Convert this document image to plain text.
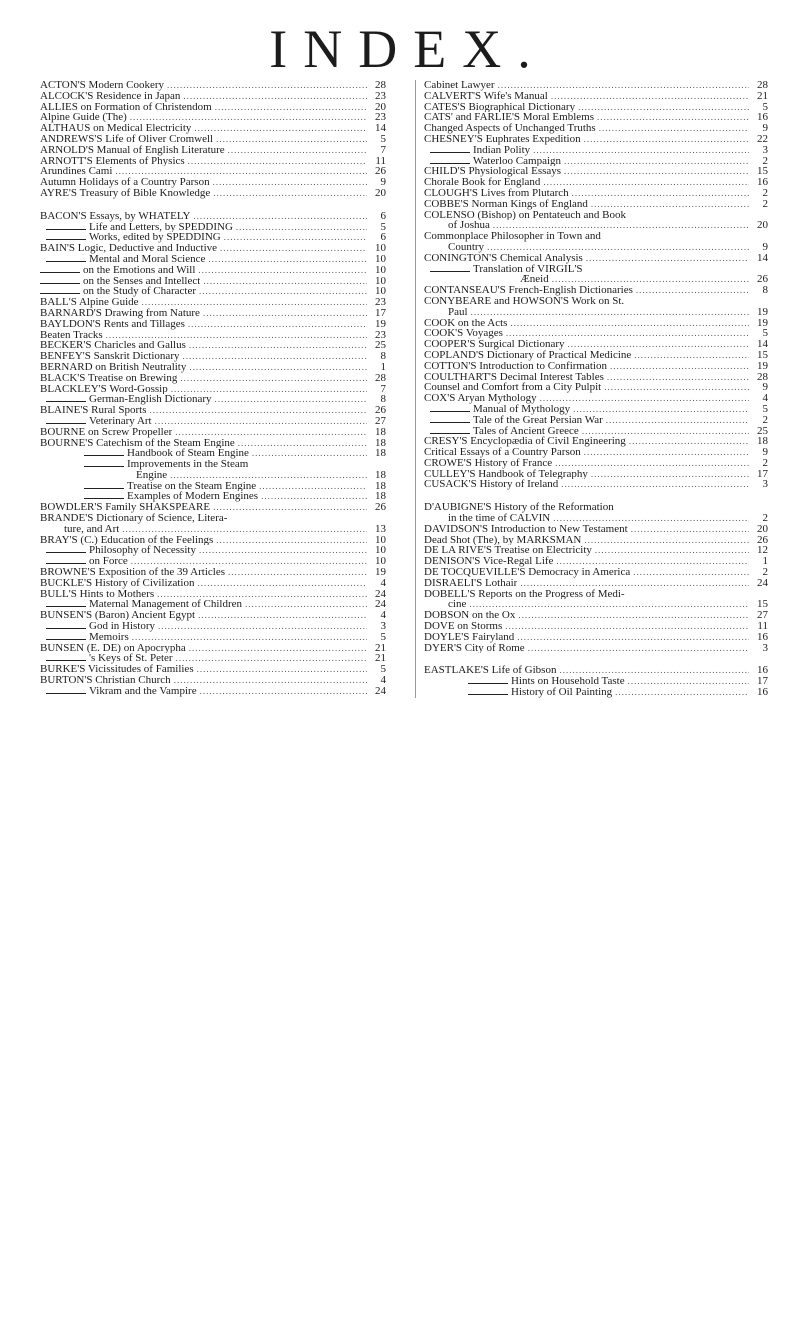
INDEX.
ACTON'S Modern Cookery .....	28
ALCOCK'S Residence in Japan .....	23
ALLIES on Formation of Christendom .....	20
Alpine Guide (The) .....	23
ALTHAUS on Medical Electricity .....	14
ANDREWS'S Life of Oliver Cromwell .....	5
ARNOLD'S Manual of English Literature .....	7
ARNOTT'S Elements of Physics .....	11
Arundines Cami .....	26
Autumn Holidays of a Country Parson .....	9
AYRE'S Treasury of Bible Knowledge .....	20
BACON'S Essays, by WHATELY .....	6
Life and Letters, by SPEDDING .....	5
Works, edited by SPEDDING .....	6
BAIN'S Logic, Deductive and Inductive .....	10
Mental and Moral Science .....	10
on the Emotions and Will .....	10
on the Senses and Intellect .....	10
on the Study of Character .....	10
BALL'S Alpine Guide .....	23
BARNARD'S Drawing from Nature .....	17
BAYLDON'S Rents and Tillages .....	19
Beaten Tracks .....	23
BECKER'S Charicles and Gallus .....	25
BENFEY'S Sanskrit Dictionary .....	8
BERNARD on British Neutrality .....	1
BLACK'S Treatise on Brewing .....	28
BLACKLEY'S Word-Gossip .....	7
German-English Dictionary .....	8
BLAINE'S Rural Sports .....	26
Veterinary Art .....	27
BOURNE on Screw Propeller .....	18
BOURNE'S Catechism of the Steam Engine .....	18
Handbook of Steam Engine .....	18
Improvements in the Steam
Engine .....	18
Treatise on the Steam Engine .....	18
Examples of Modern Engines .....	18
BOWDLER'S Family SHAKSPEARE .....	26
BRANDE'S Dictionary of Science, Litera-
ture, and Art .....	13
BRAY'S (C.) Education of the Feelings .....	10
Philosophy of Necessity .....	10
on Force .....	10
BROWNE'S Exposition of the 39 Articles .....	19
BUCKLE'S History of Civilization .....	4
BULL'S Hints to Mothers .....	24
Maternal Management of Children .....	24
BUNSEN'S (Baron) Ancient Egypt .....	4
God in History .....	3
Memoirs .....	5
BUNSEN (E. DE) on Apocrypha .....	21
's Keys of St. Peter .....	21
BURKE'S Vicissitudes of Families .....	5
BURTON'S Christian Church .....	4
Vikram and the Vampire .....	24
Cabinet Lawyer .....	28
CALVERT'S Wife's Manual .....	21
CATES'S Biographical Dictionary .....	5
CATS' and FARLIE'S Moral Emblems .....	16
Changed Aspects of Unchanged Truths .....	9
CHESNEY'S Euphrates Expedition .....	22
Indian Polity .....	3
Waterloo Campaign .....	2
CHILD'S Physiological Essays .....	15
Chorale Book for England .....	16
CLOUGH'S Lives from Plutarch .....	2
COBBE'S Norman Kings of England .....	2
COLENSO (Bishop) on Pentateuch and Book
of Joshua .....	20
Commonplace Philosopher in Town and
Country .....	9
CONINGTON'S Chemical Analysis .....	14
Translation of VIRGIL'S
Æneid .....	26
CONTANSEAU'S French-English Dictionaries .....	8
CONYBEARE and HOWSON'S Work on St.
Paul .....	19
COOK on the Acts .....	19
COOK'S Voyages .....	5
COOPER'S Surgical Dictionary .....	14
COPLAND'S Dictionary of Practical Medicine .....	15
COTTON'S Introduction to Confirmation .....	19
COULTHART'S Decimal Interest Tables .....	28
Counsel and Comfort from a City Pulpit .....	9
COX'S Aryan Mythology .....	4
Manual of Mythology .....	5
Tale of the Great Persian War .....	2
Tales of Ancient Greece .....	25
CRESY'S Encyclopædia of Civil Engineering .....	18
Critical Essays of a Country Parson .....	9
CROWE'S History of France .....	2
CULLEY'S Handbook of Telegraphy .....	17
CUSACK'S History of Ireland .....	3
D'AUBIGNE'S History of the Reformation
in the time of CALVIN .....	2
DAVIDSON'S Introduction to New Testament .....	20
Dead Shot (The), by MARKSMAN .....	26
DE LA RIVE'S Treatise on Electricity .....	12
DENISON'S Vice-Regal Life .....	1
DE TOCQUEVILLE'S Democracy in America .....	2
DISRAELI'S Lothair .....	24
DOBELL'S Reports on the Progress of Medi-
cine .....	15
DOBSON on the Ox .....	27
DOVE on Storms .....	11
DOYLE'S Fairyland .....	16
DYER'S City of Rome .....	3
EASTLAKE'S Life of Gibson .....	16
Hints on Household Taste .....	17
History of Oil Painting .....	16
